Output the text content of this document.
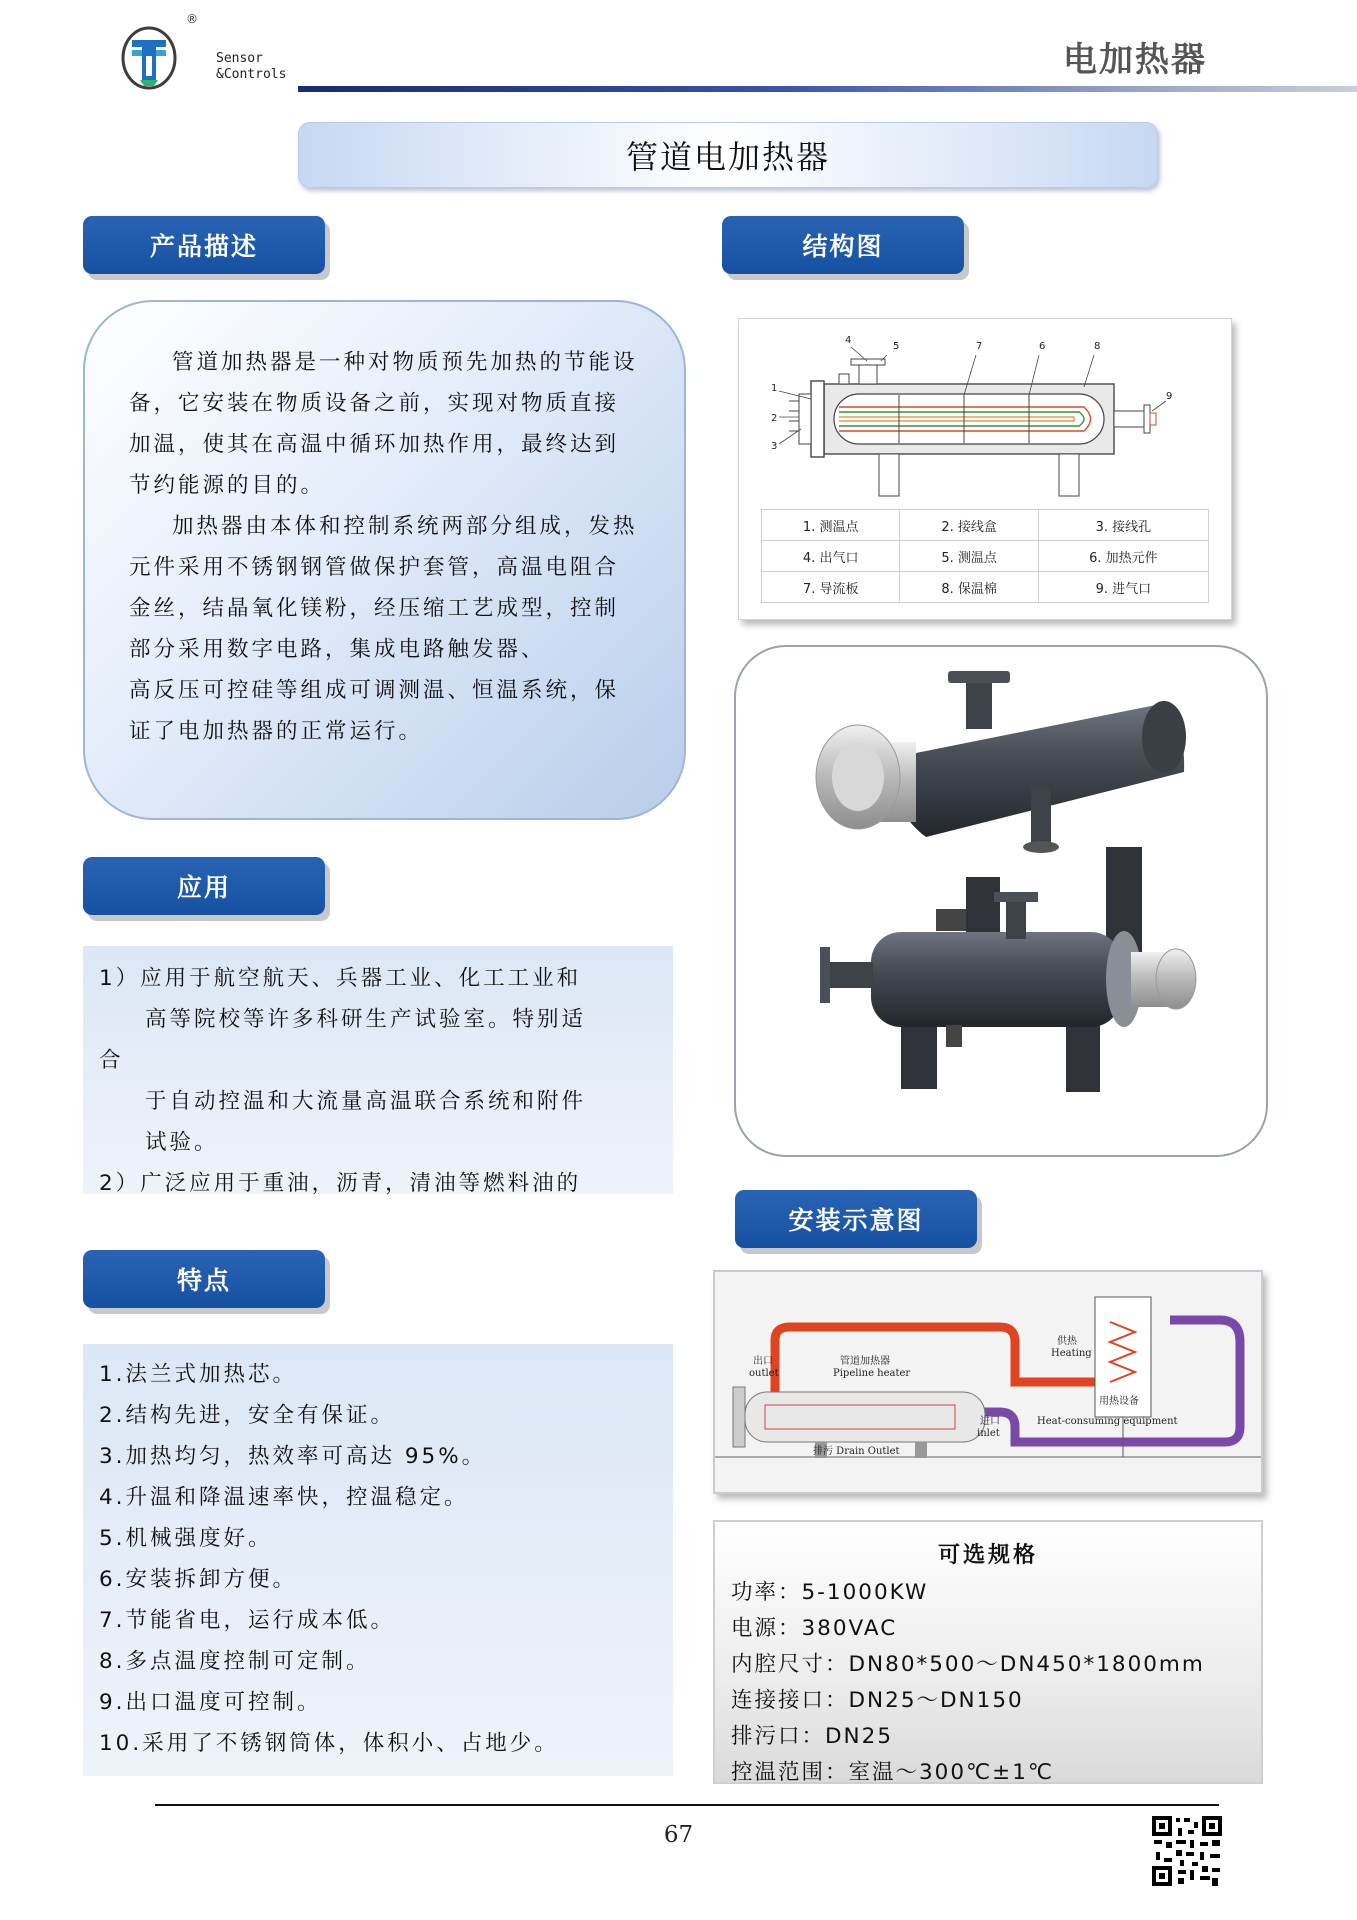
®
Sensor
&Controls	电加热器
管道电加热器
产品描述

管道加热器是一种对物质预先加热的节能设备，它安装在物质设备之前，实现对物质直接加温，使其在高温中循环加热作用，最终达到节约能源的目的。

加热器由本体和控制系统两部分组成，发热元件采用不锈钢钢管做保护套管，高温电阻合金丝，结晶氧化镁粉，经压缩工艺成型，控制部分采用数字电路，集成电路触发器、

高反压可控硅等组成可调测温、恒温系统，保证了电加热器的正常运行。

应用
1）应用于航空航天、兵器工业、化工工业和
高等院校等许多科研生产试验室。特别适
合
于自动控温和大流量高温联合系统和附件
试验。
2）广泛应用于重油，沥青，清油等燃料油的
特点
1.法兰式加热芯。
2.结构先进，安全有保证。
3.加热均匀，热效率可高达 95%。
4.升温和降温速率快，控温稳定。
5.机械强度好。
6.安装拆卸方便。
7.节能省电，运行成本低。
8.多点温度控制可定制。
9.出口温度可控制。
10.采用了不锈钢筒体，体积小、占地少。
结构图
1
2
3
4
5	7	6	8
9
1. 测温点	2. 接线盒	3. 接线孔
4. 出气口	5. 测温点	6. 加热元件
7. 导流板	8. 保温棉	9. 进气口
安装示意图
出口
outlet
管道加热器
Pipeline heater
供热
Heating
用热设备
Heat-consuming equipment
进口
inlet
排污 Drain Outlet
可选规格
功率：5-1000KW
电源：380VAC
内腔尺寸：DN80*500～DN450*1800mm
连接接口：DN25～DN150
排污口：DN25
控温范围：室温～300℃±1℃
67
